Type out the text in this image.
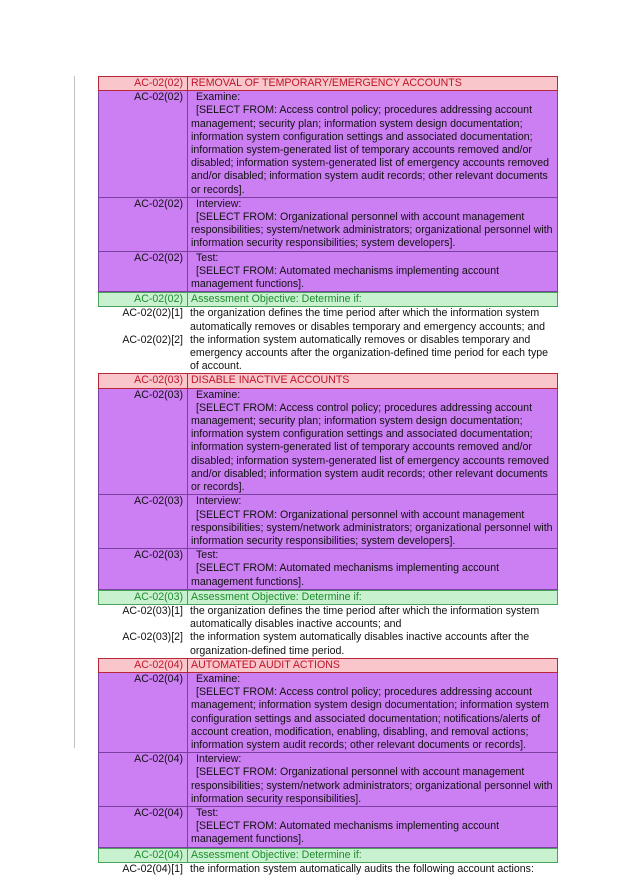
AC-02(02) REMOVAL OF TEMPORARY/EMERGENCY ACCOUNTS
AC-02(02)	Examine:
[SELECT FROM: Access control policy; procedures addressing account management; security plan; information system design documentation; information system configuration settings and associated documentation; information system-generated list of temporary accounts removed and/or disabled; information system-generated list of emergency accounts removed and/or disabled; information system audit records; other relevant documents or records].
AC-02(02)	Interview:
[SELECT FROM: Organizational personnel with account management responsibilities; system/network administrators; organizational personnel with information security responsibilities; system developers].
AC-02(02)	Test:
[SELECT FROM: Automated mechanisms implementing account management functions].
AC-02(02) Assessment Objective: Determine if:
AC-02(02)[1] the organization defines the time period after which the information system automatically removes or disables temporary and emergency accounts; and
AC-02(02)[2] the information system automatically removes or disables temporary and emergency accounts after the organization-defined time period for each type of account.
AC-02(03) DISABLE INACTIVE ACCOUNTS
AC-02(03)	Examine:
[SELECT FROM: Access control policy; procedures addressing account management; security plan; information system design documentation; information system configuration settings and associated documentation; information system-generated list of temporary accounts removed and/or disabled; information system-generated list of emergency accounts removed and/or disabled; information system audit records; other relevant documents or records].
AC-02(03)	Interview:
[SELECT FROM: Organizational personnel with account management responsibilities; system/network administrators; organizational personnel with information security responsibilities; system developers].
AC-02(03)	Test:
[SELECT FROM: Automated mechanisms implementing account management functions].
AC-02(03) Assessment Objective: Determine if:
AC-02(03)[1] the organization defines the time period after which the information system automatically disables inactive accounts; and
AC-02(03)[2] the information system automatically disables inactive accounts after the organization-defined time period.
AC-02(04) AUTOMATED AUDIT ACTIONS
AC-02(04)	Examine:
[SELECT FROM: Access control policy; procedures addressing account management; information system design documentation; information system configuration settings and associated documentation; notifications/alerts of account creation, modification, enabling, disabling, and removal actions; information system audit records; other relevant documents or records].
AC-02(04)	Interview:
[SELECT FROM: Organizational personnel with account management responsibilities; system/network administrators; organizational personnel with information security responsibilities].
AC-02(04)	Test:
[SELECT FROM: Automated mechanisms implementing account management functions].
AC-02(04) Assessment Objective: Determine if:
AC-02(04)[1] the information system automatically audits the following account actions:
